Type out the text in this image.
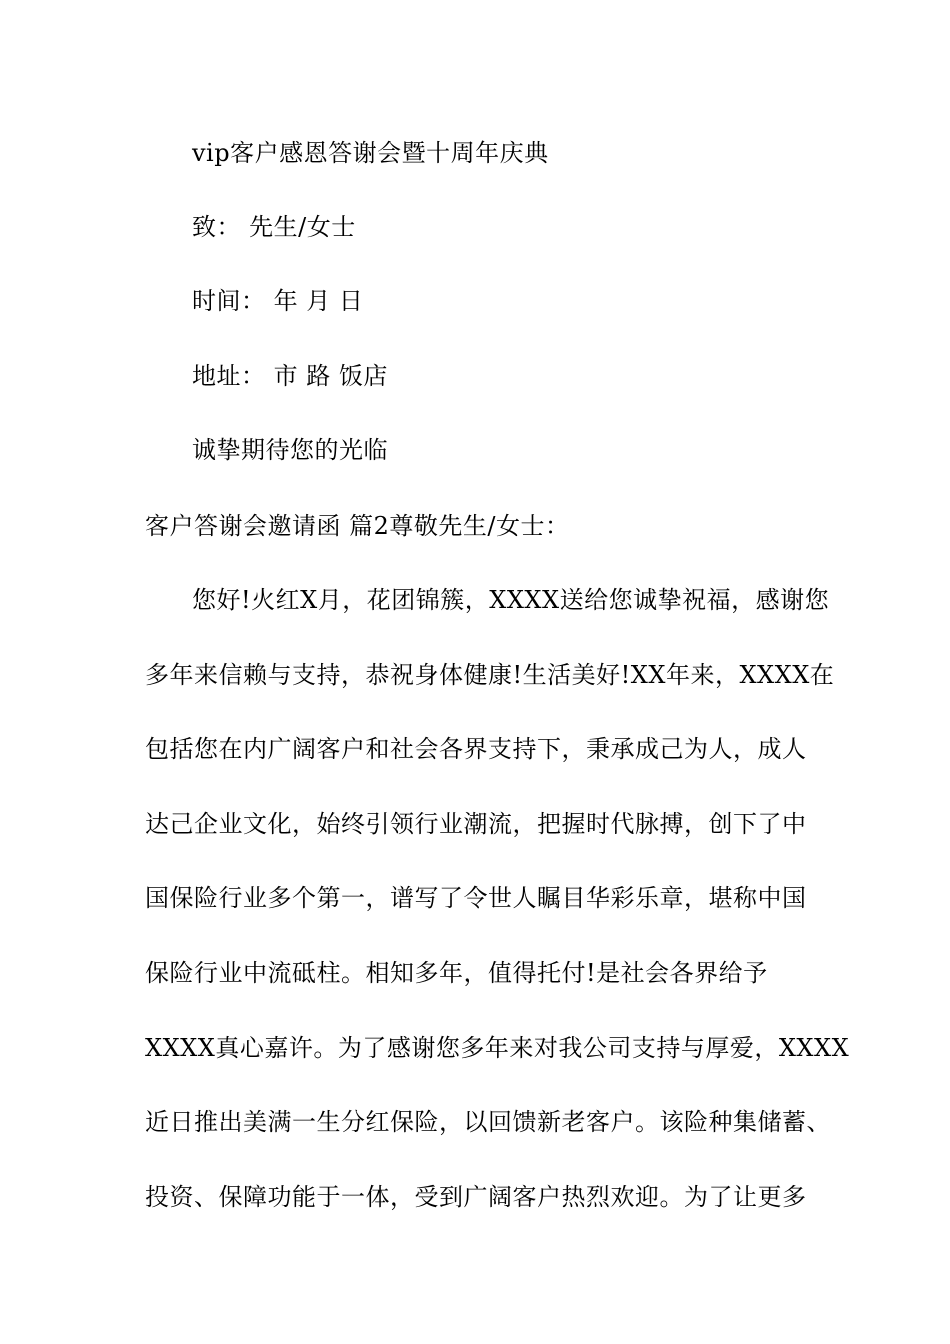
vip客户感恩答谢会暨十周年庆典
致： 先生/女士
时间： 年 月 日
地址： 市 路 饭店
诚挚期待您的光临
客户答谢会邀请函 篇2尊敬先生/女士：
您好!火红X月，花团锦簇，XXXX送给您诚挚祝福，感谢您
多年来信赖与支持，恭祝身体健康!生活美好!XX年来，XXXX在
包括您在内广阔客户和社会各界支持下，秉承成己为人，成人
达己企业文化，始终引领行业潮流，把握时代脉搏，创下了中
国保险行业多个第一，谱写了令世人瞩目华彩乐章，堪称中国
保险行业中流砥柱。相知多年，值得托付!是社会各界给予
XXXX真心嘉许。为了感谢您多年来对我公司支持与厚爱，XXXX
近日推出美满一生分红保险，以回馈新老客户。该险种集储蓄、
投资、保障功能于一体，受到广阔客户热烈欢迎。为了让更多
